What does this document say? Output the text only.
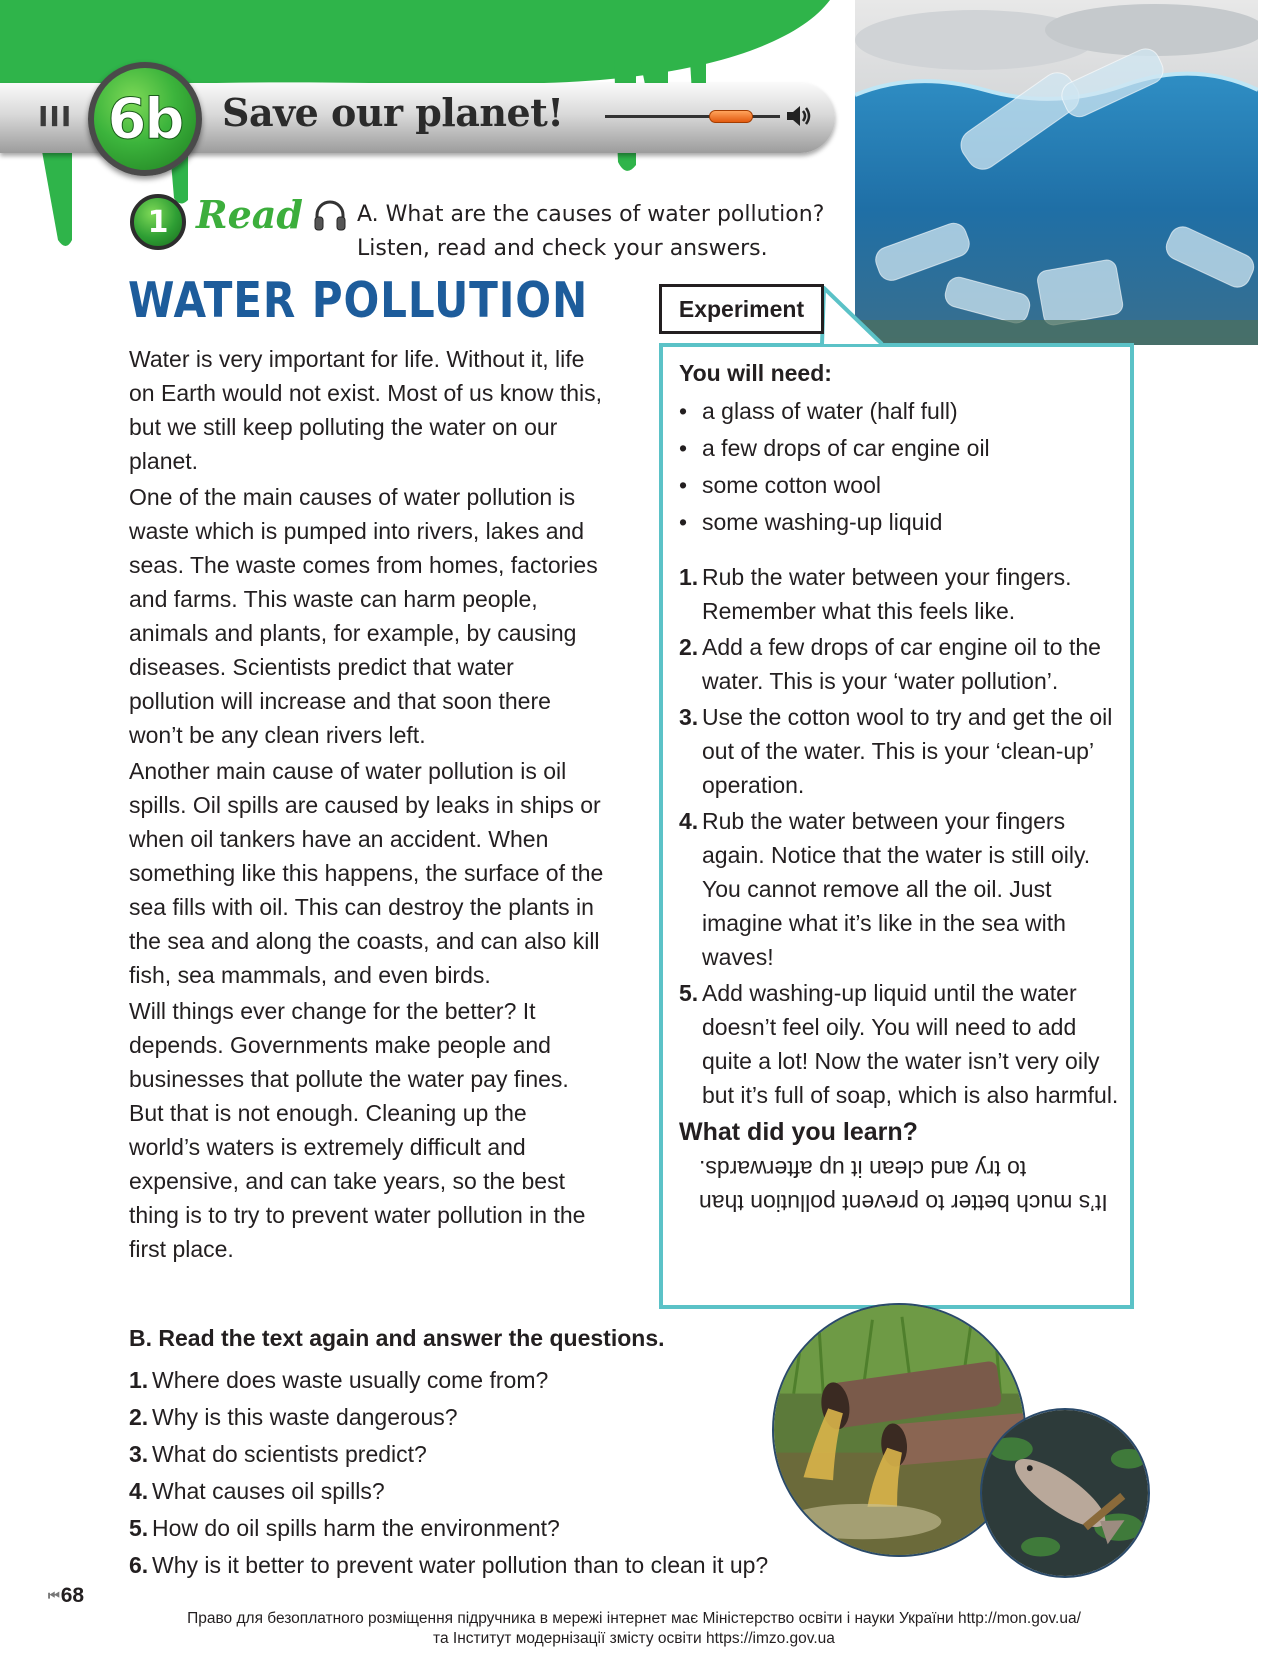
III 6b Save our planet!
1 Read A. What are the causes of water pollution?
Listen, read and check your answers.
WATER POLLUTION

Water is very important for life. Without it, life on Earth would not exist. Most of us know this, but we still keep polluting the water on our planet.

One of the main causes of water pollution is waste which is pumped into rivers, lakes and seas. The waste comes from homes, factories and farms. This waste can harm people, animals and plants, for example, by causing diseases. Scientists predict that water pollution will increase and that soon there won’t be any clean rivers left.

Another main cause of water pollution is oil spills. Oil spills are caused by leaks in ships or when oil tankers have an accident. When something like this happens, the surface of the sea fills with oil. This can destroy the plants in the sea and along the coasts, and can also kill fish, sea mammals, and even birds.

Will things ever change for the better? It depends. Governments make people and businesses that pollute the water pay fines. But that is not enough. Cleaning up the world’s waters is extremely difficult and expensive, and can take years, so the best thing is to try to prevent water pollution in the first place.

Experiment
You will need:
• a glass of water (half full)
• a few drops of car engine oil
• some cotton wool
• some washing-up liquid
1. Rub the water between your fingers. Remember what this feels like.
2. Add a few drops of car engine oil to the water. This is your ‘water pollution’.
3. Use the cotton wool to try and get the oil out of the water. This is your ‘clean-up’ operation.
4. Rub the water between your fingers again. Notice that the water is still oily. You cannot remove all the oil. Just imagine what it’s like in the sea with waves!
5. Add washing-up liquid until the water doesn’t feel oily. You will need to add quite a lot! Now the water isn’t very oily but it’s full of soap, which is also harmful.
What did you learn?
It’s much better to prevent pollution than to try and clean it up afterwards.
B. Read the text again and answer the questions.
1. Where does waste usually come from?
2. Why is this waste dangerous?
3. What do scientists predict?
4. What causes oil spills?
5. How do oil spills harm the environment?
6. Why is it better to prevent water pollution than to clean it up?
⏮ 68
Право для безоплатного розміщення підручника в мережі інтернет має Міністерство освіти і науки України http://mon.gov.ua/
та Інститут модернізації змісту освіти https://imzo.gov.ua
